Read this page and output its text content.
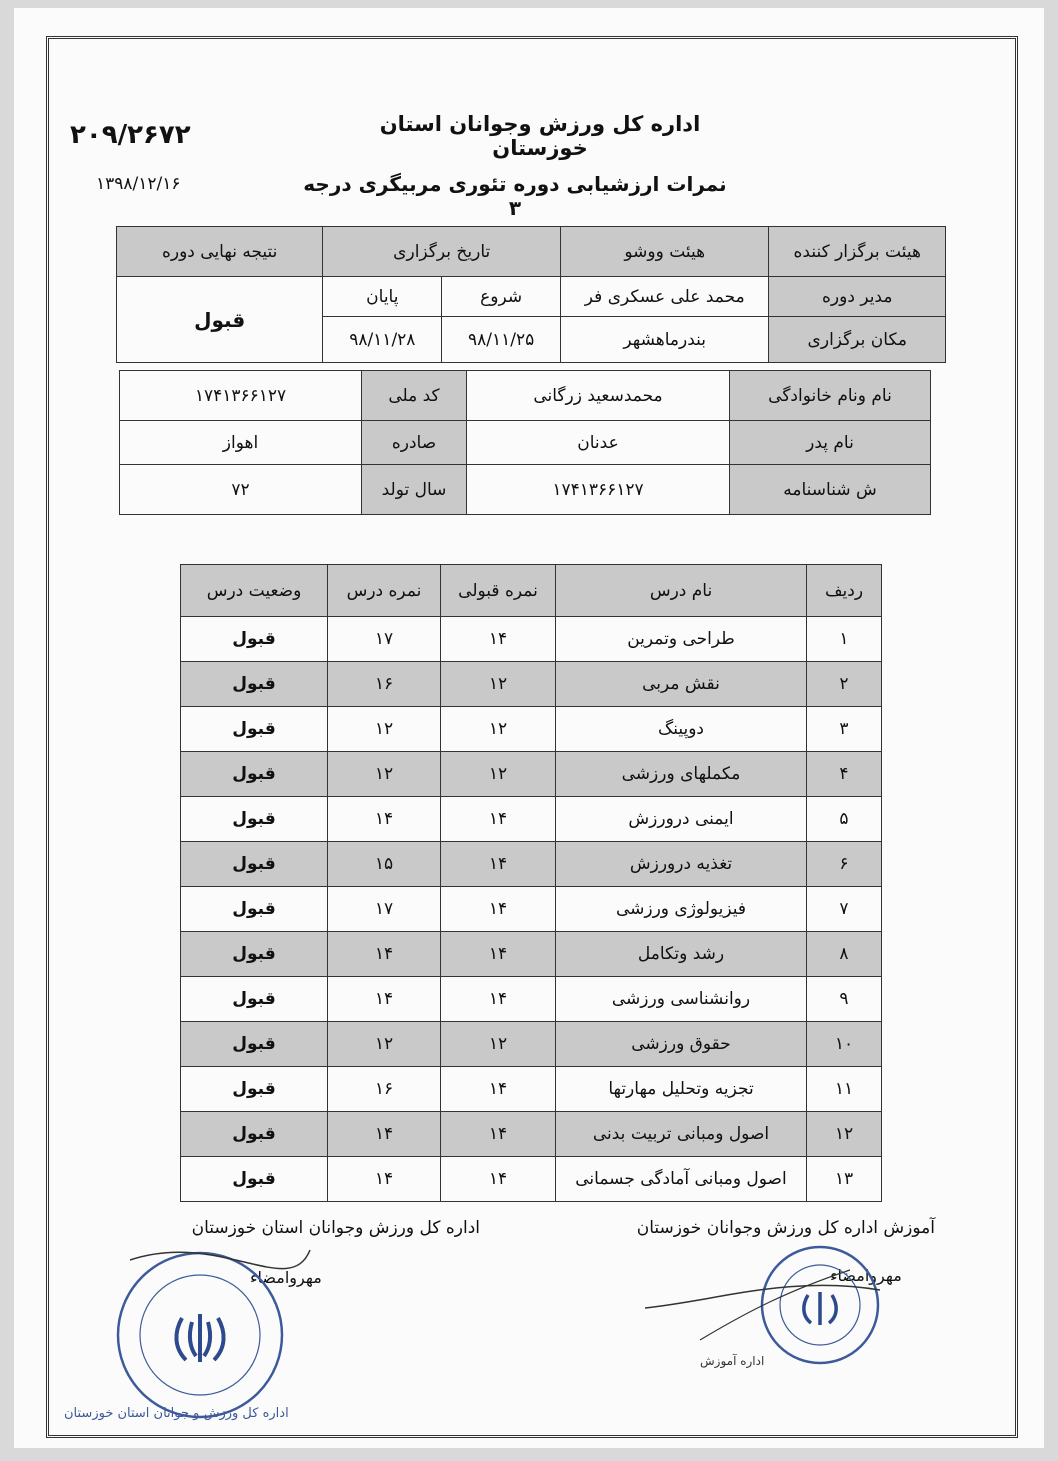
اداره کل ورزش وجوانان استان خوزستان
نمرات ارزشیابی دوره تئوری مربیگری درجه ۳
۲۰۹/۲۶۷۲
۱۳۹۸/۱۲/۱۶
هیئت برگزار کننده	هیئت ووشو	تاریخ برگزاری		نتیجه نهایی دوره
مدیر دوره	محمد علی عسکری فر	شروع	پایان	قبول
مکان برگزاری	بندرماهشهر	۹۸/۱۱/۲۵	۹۸/۱۱/۲۸	
نام ونام خانوادگی	محمدسعید زرگانی	کد ملی	۱۷۴۱۳۶۶۱۲۷
نام پدر	عدنان	صادره	اهواز
ش شناسنامه	۱۷۴۱۳۶۶۱۲۷	سال تولد	۷۲
ردیف	نام درس	نمره قبولی	نمره درس	وضعیت درس
۱	طراحی وتمرین	۱۴	۱۷	قبول
۲	نقش مربی	۱۲	۱۶	قبول
۳	دوپینگ	۱۲	۱۲	قبول
۴	مکملهای ورزشی	۱۲	۱۲	قبول
۵	ایمنی درورزش	۱۴	۱۴	قبول
۶	تغذیه درورزش	۱۴	۱۵	قبول
۷	فیزیولوژی ورزشی	۱۴	۱۷	قبول
۸	رشد وتکامل	۱۴	۱۴	قبول
۹	روانشناسی ورزشی	۱۴	۱۴	قبول
۱۰	حقوق ورزشی	۱۲	۱۲	قبول
۱۱	تجزیه وتحلیل مهارتها	۱۴	۱۶	قبول
۱۲	اصول ومبانی تربیت بدنی	۱۴	۱۴	قبول
۱۳	اصول ومبانی آمادگی جسمانی	۱۴	۱۴	قبول
اداره کل ورزش وجوانان استان خوزستان
مهروامضاء
آموزش اداره کل ورزش وجوانان خوزستان
مهروامضاء
اداره کل ورزش و جوانان استان خوزستان
اداره آموزش
